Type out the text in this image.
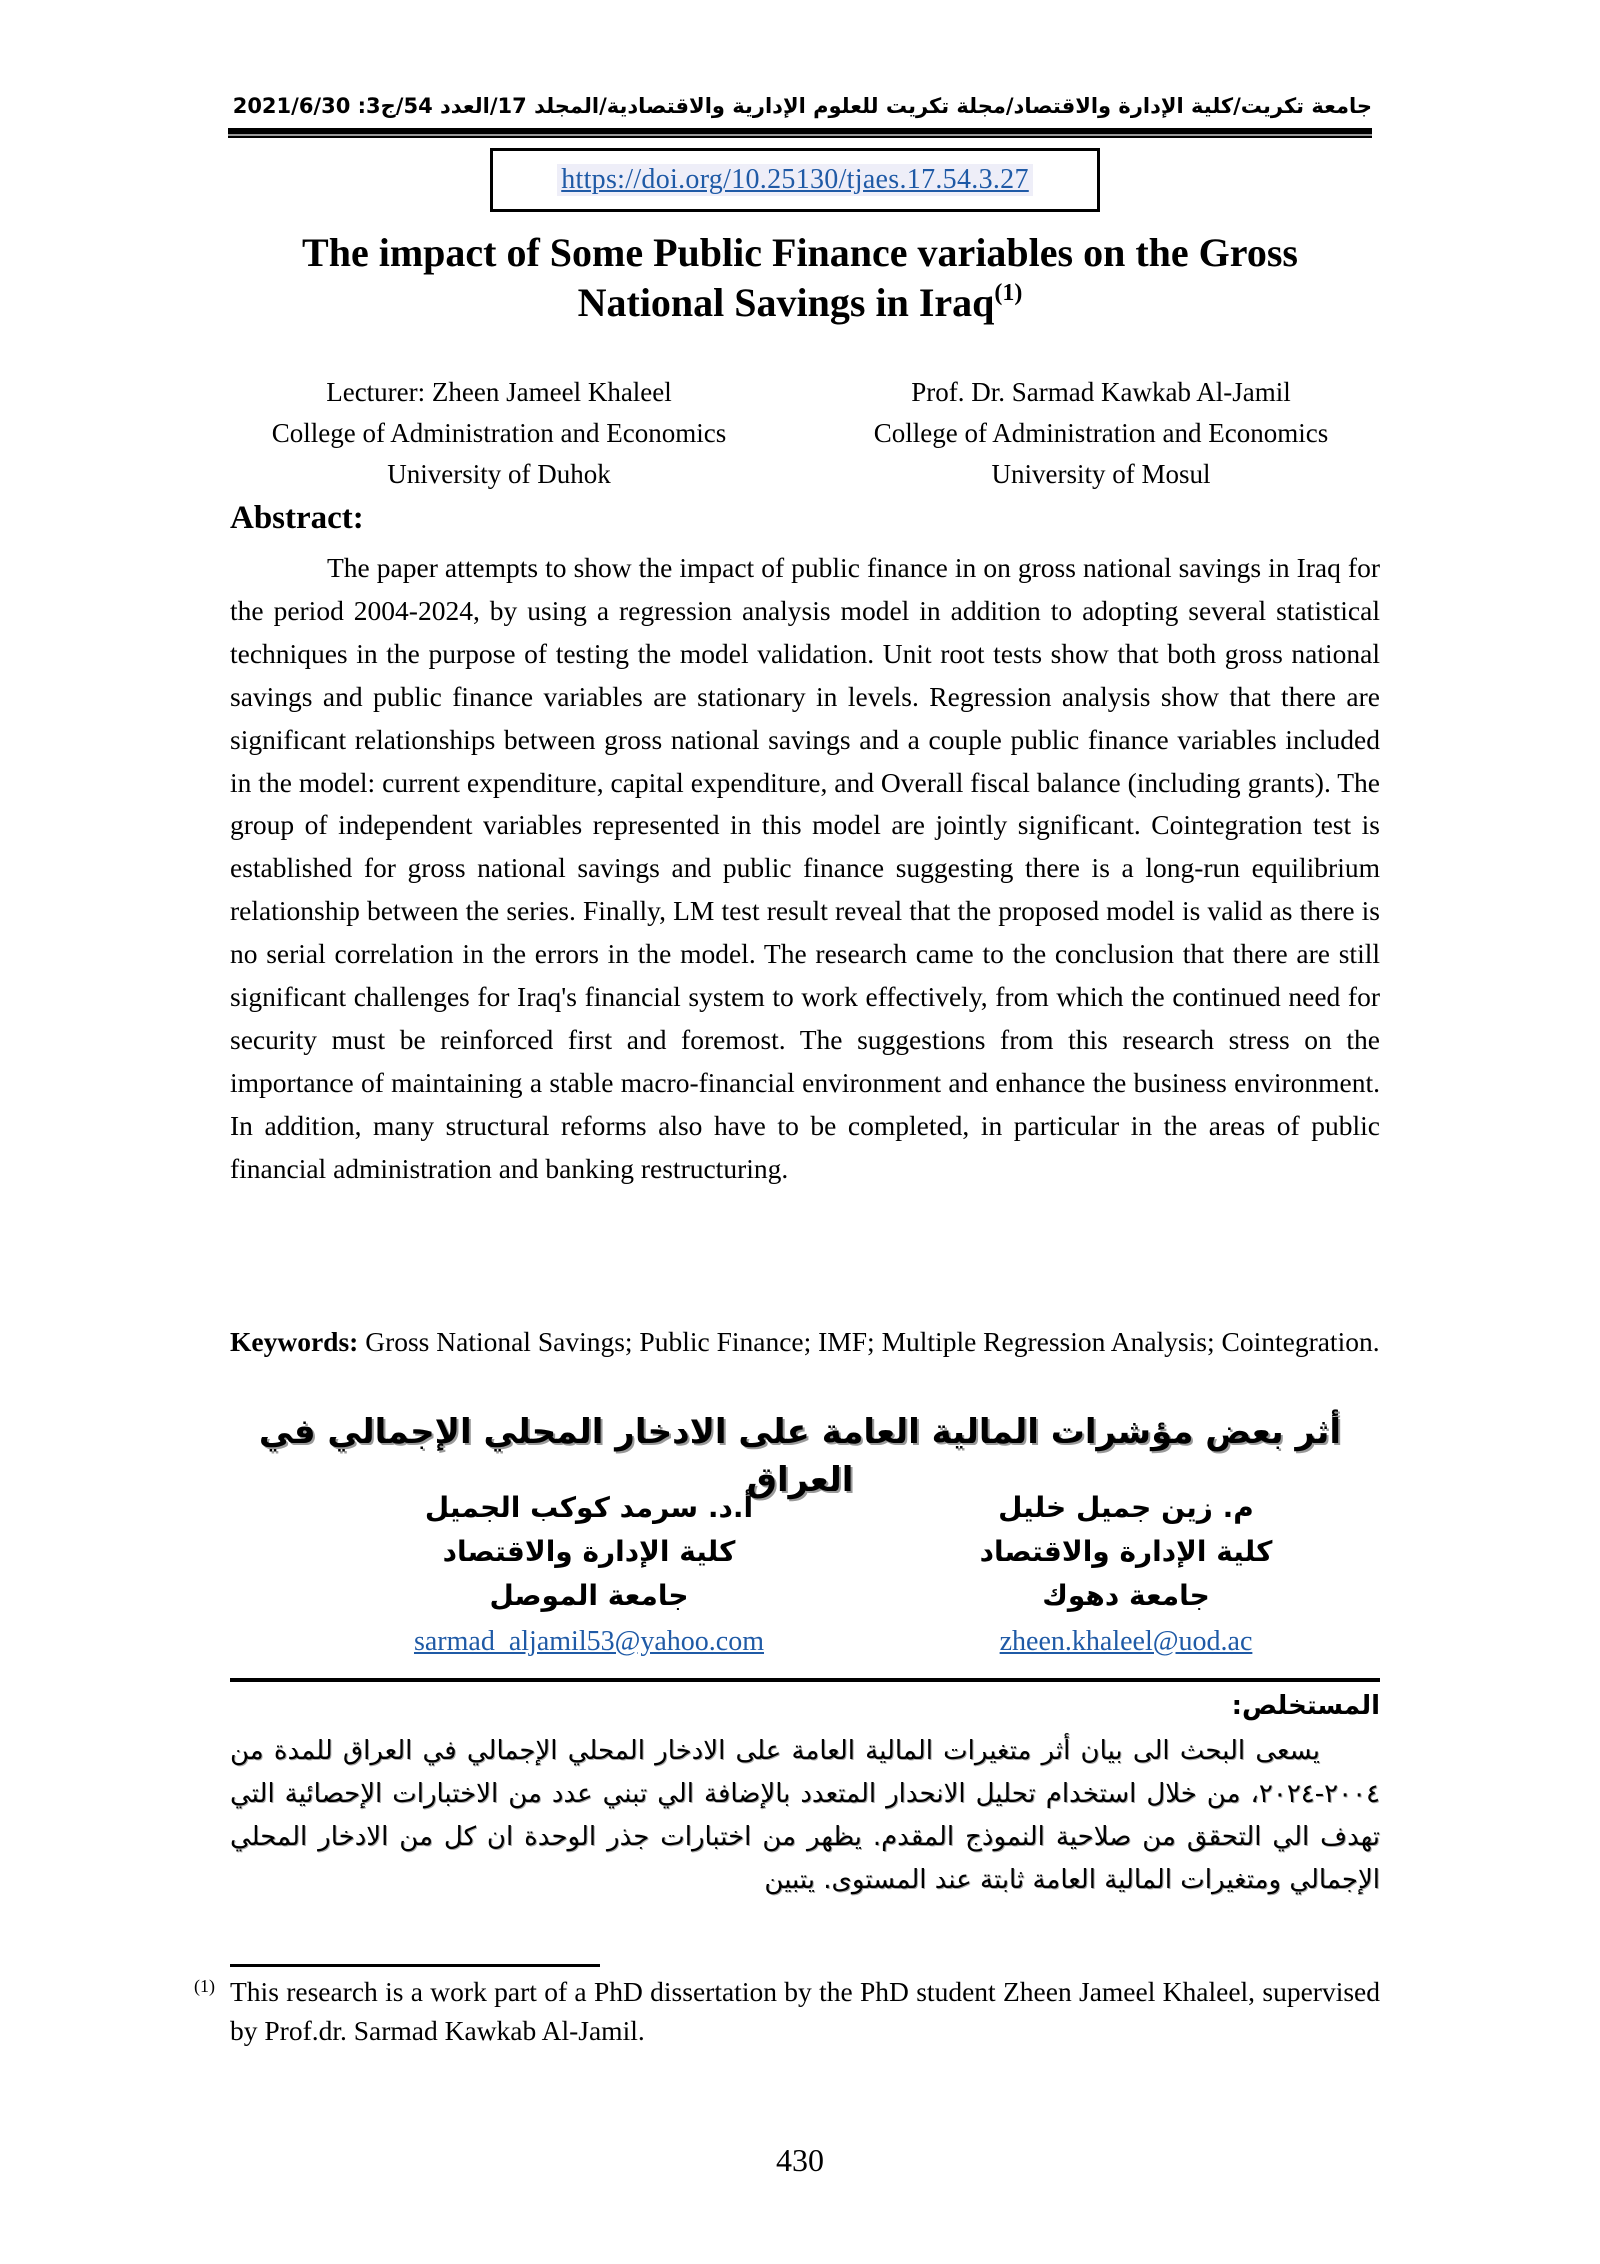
جامعة تكريت/كلية الإدارة والاقتصاد/مجلة تكريت للعلوم الإدارية والاقتصادية/المجلد 17/العدد 54/ج3: 2021/6/30
https://doi.org/10.25130/tjaes.17.54.3.27
The impact of Some Public Finance variables on the Gross National Savings in Iraq$^{(1)}$
Lecturer: Zheen Jameel Khaleel
College of Administration and Economics
University of Duhok
Prof. Dr. Sarmad Kawkab Al-Jamil
College of Administration and Economics
University of Mosul
Abstract:

The paper attempts to show the impact of public finance in on gross national savings in Iraq for the period 2004-2024, by using a regression analysis model in addition to adopting several statistical techniques in the purpose of testing the model validation. Unit root tests show that both gross national savings and public finance variables are stationary in levels. Regression analysis show that there are significant relationships between gross national savings and a couple public finance variables included in the model: current expenditure, capital expenditure, and Overall fiscal balance (including grants). The group of independent variables represented in this model are jointly significant. Cointegration test is established for gross national savings and public finance suggesting there is a long-run equilibrium relationship between the series. Finally, LM test result reveal that the proposed model is valid as there is no serial correlation in the errors in the model. The research came to the conclusion that there are still significant challenges for Iraq's financial system to work effectively, from which the continued need for security must be reinforced first and foremost. The suggestions from this research stress on the importance of maintaining a stable macro-financial environment and enhance the business environment. In addition, many structural reforms also have to be completed, in particular in the areas of public financial administration and banking restructuring.

Keywords: Gross National Savings; Public Finance; IMF; Multiple Regression Analysis; Cointegration.

أثر بعض مؤشرات المالية العامة على الادخار المحلي الإجمالي في العراق
م. زين جميل خليل
كلية الإدارة والاقتصاد
جامعة دهوك
zheen.khaleel@uod.ac
أ.د. سرمد كوكب الجميل
كلية الإدارة والاقتصاد
جامعة الموصل
sarmad_aljamil53@yahoo.com
المستخلص:

يسعى البحث الى بيان أثر متغيرات المالية العامة على الادخار المحلي الإجمالي في العراق للمدة من ٢٠٠٤-٢٠٢٤، من خلال استخدام تحليل الانحدار المتعدد بالإضافة الي تبني عدد من الاختبارات الإحصائية التي تهدف الي التحقق من صلاحية النموذج المقدم. يظهر من اختبارات جذر الوحدة ان كل من الادخار المحلي الإجمالي ومتغيرات المالية العامة ثابتة عند المستوى. يتبين

(1) This research is a work part of a PhD dissertation by the PhD student Zheen Jameel Khaleel, supervised by Prof.dr. Sarmad Kawkab Al-Jamil.

430
